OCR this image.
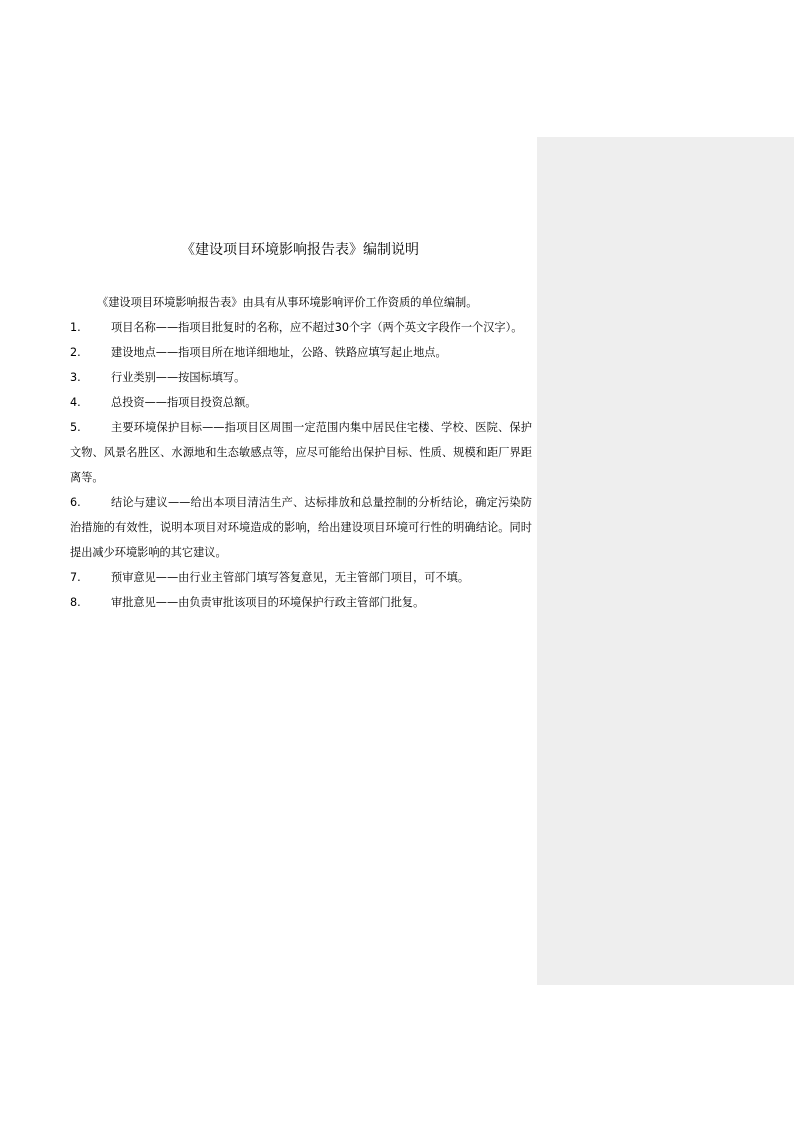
《建设项目环境影响报告表》编制说明

《建设项目环境影响报告表》由具有从事环境影响评价工作资质的单位编制。

1.	项目名称——指项目批复时的名称，应不超过30个字（两个英文字段作一个汉字）。
2.	建设地点——指项目所在地详细地址，公路、铁路应填写起止地点。
3.	行业类别——按国标填写。
4.	总投资——指项目投资总额。
5.	主要环境保护目标——指项目区周围一定范围内集中居民住宅楼、学校、医院、保护文物、风景名胜区、水源地和生态敏感点等，应尽可能给出保护目标、性质、规模和距厂界距离等。
6.	结论与建议——给出本项目清洁生产、达标排放和总量控制的分析结论，确定污染防治措施的有效性，说明本项目对环境造成的影响，给出建设项目环境可行性的明确结论。同时提出减少环境影响的其它建议。
7.	预审意见——由行业主管部门填写答复意见，无主管部门项目，可不填。
8.	审批意见——由负责审批该项目的环境保护行政主管部门批复。
